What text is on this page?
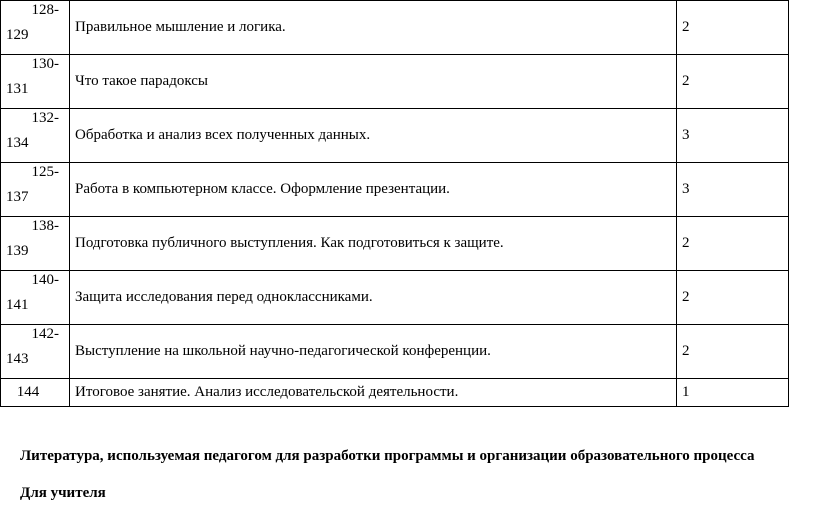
128-
129	Правильное мышление и логика.	2

130-
131	Что такое парадоксы	2

132-
134	Обработка и анализ всех полученных данных.	3

125-
137	Работа в компьютерном классе. Оформление презентации.	3

138-
139	Подготовка публичного выступления. Как подготовиться к защите.	2

140-
141	Защита исследования перед одноклассниками.	2

142-
143	Выступление на школьной научно-педагогической конференции.	2

144	Итоговое занятие. Анализ исследовательской деятельности.	1

Литература, используемая педагогом для разработки программы и организации образовательного процесса

Для учителя
